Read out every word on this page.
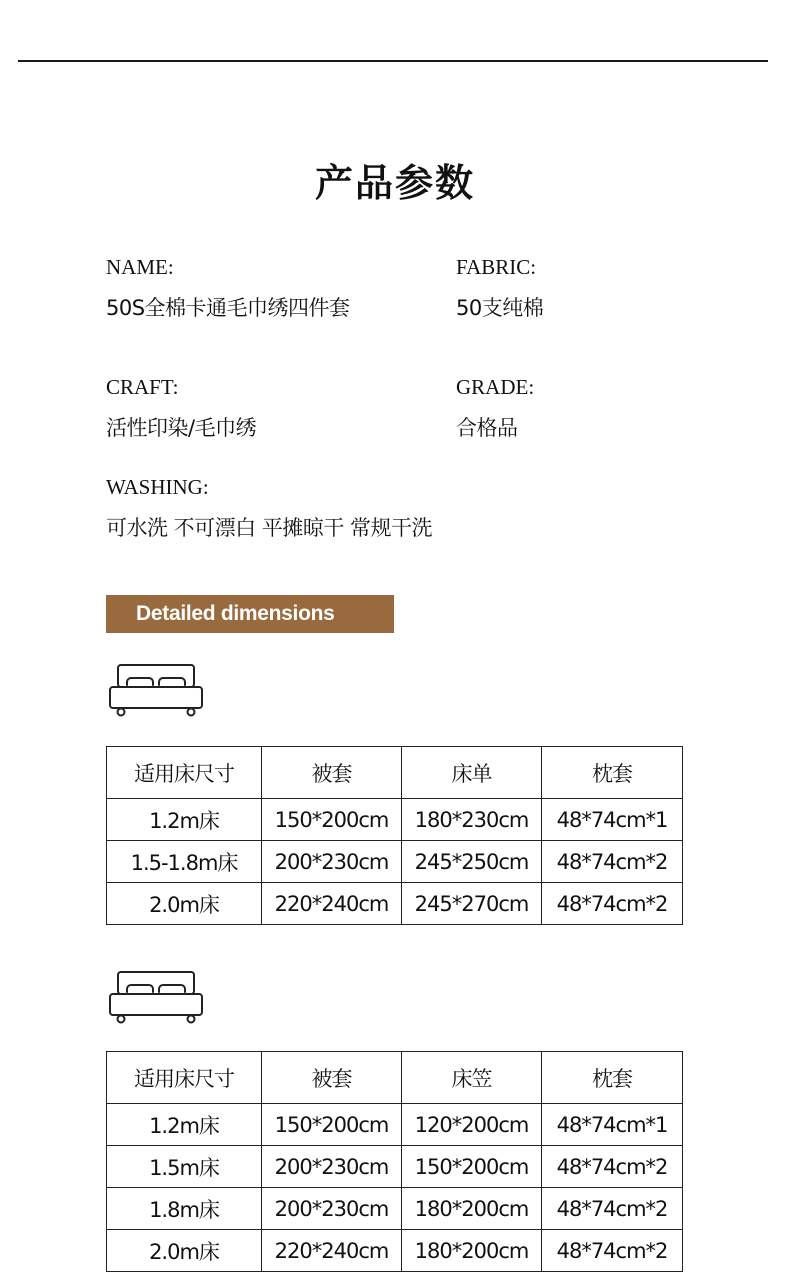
产品参数
NAME:
50S全棉卡通毛巾绣四件套
FABRIC:
50支纯棉
CRAFT:
活性印染/毛巾绣
GRADE:
合格品
WASHING:
可水洗 不可漂白 平摊晾干 常规干洗
Detailed dimensions
适用床尺寸	被套	床单	枕套
1.2m床	150*200cm	180*230cm	48*74cm*1
1.5-1.8m床	200*230cm	245*250cm	48*74cm*2
2.0m床	220*240cm	245*270cm	48*74cm*2
适用床尺寸	被套	床笠	枕套
1.2m床	150*200cm	120*200cm	48*74cm*1
1.5m床	200*230cm	150*200cm	48*74cm*2
1.8m床	200*230cm	180*200cm	48*74cm*2
2.0m床	220*240cm	180*200cm	48*74cm*2
